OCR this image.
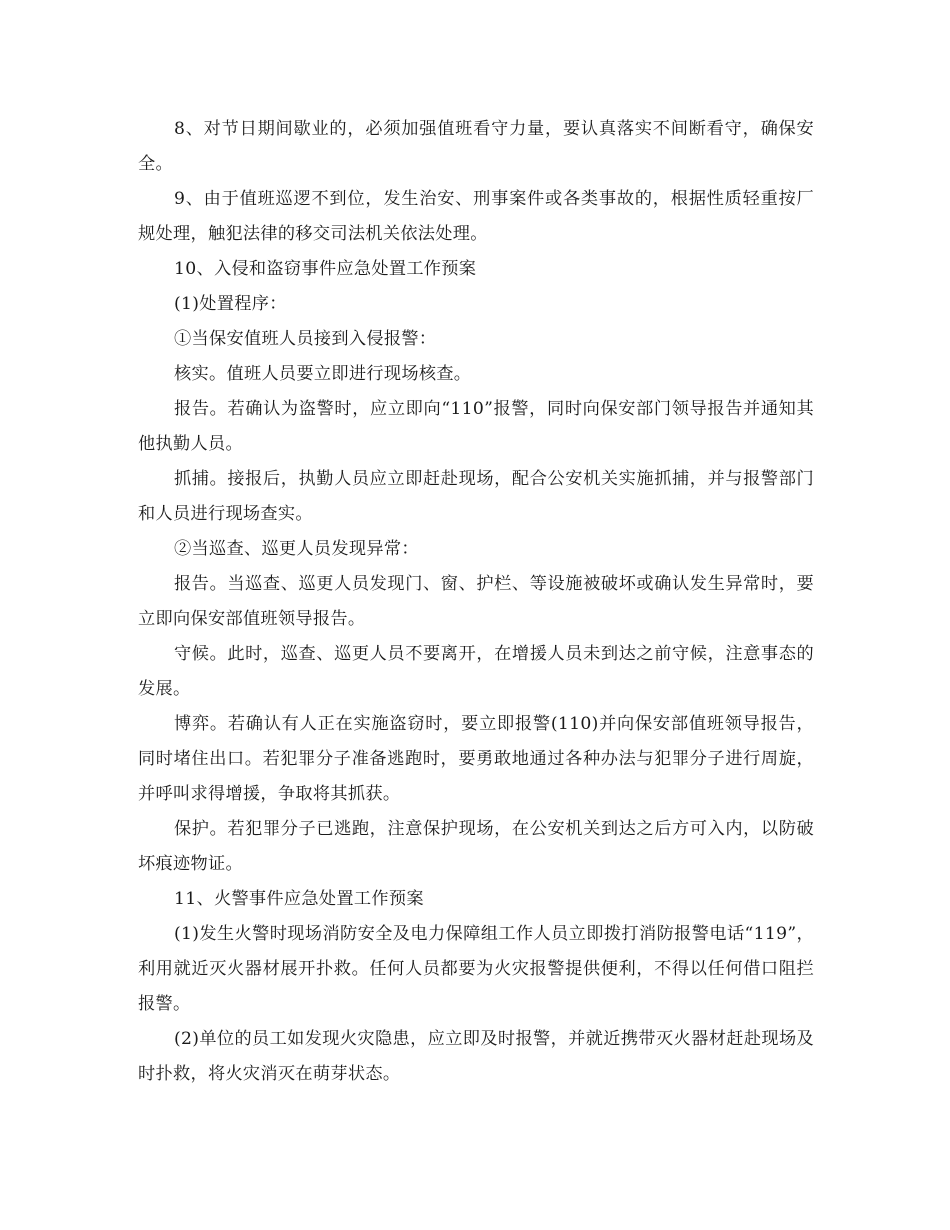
8、对节日期间歇业的，必须加强值班看守力量，要认真落实不间断看守，确保安全。

9、由于值班巡逻不到位，发生治安、刑事案件或各类事故的，根据性质轻重按厂规处理，触犯法律的移交司法机关依法处理。

10、入侵和盗窃事件应急处置工作预案

(1)处置程序：

①当保安值班人员接到入侵报警：

核实。值班人员要立即进行现场核查。

报告。若确认为盗警时，应立即向“110”报警，同时向保安部门领导报告并通知其他执勤人员。

抓捕。接报后，执勤人员应立即赶赴现场，配合公安机关实施抓捕，并与报警部门和人员进行现场查实。

②当巡查、巡更人员发现异常：

报告。当巡查、巡更人员发现门、窗、护栏、等设施被破坏或确认发生异常时，要立即向保安部值班领导报告。

守候。此时，巡查、巡更人员不要离开，在增援人员未到达之前守候，注意事态的发展。

博弈。若确认有人正在实施盗窃时，要立即报警(110)并向保安部值班领导报告，同时堵住出口。若犯罪分子准备逃跑时，要勇敢地通过各种办法与犯罪分子进行周旋，并呼叫求得增援，争取将其抓获。

保护。若犯罪分子已逃跑，注意保护现场，在公安机关到达之后方可入内，以防破坏痕迹物证。

11、火警事件应急处置工作预案

(1)发生火警时现场消防安全及电力保障组工作人员立即拨打消防报警电话“119”，利用就近灭火器材展开扑救。任何人员都要为火灾报警提供便利，不得以任何借口阻拦报警。

(2)单位的员工如发现火灾隐患，应立即及时报警，并就近携带灭火器材赶赴现场及时扑救，将火灾消灭在萌芽状态。
